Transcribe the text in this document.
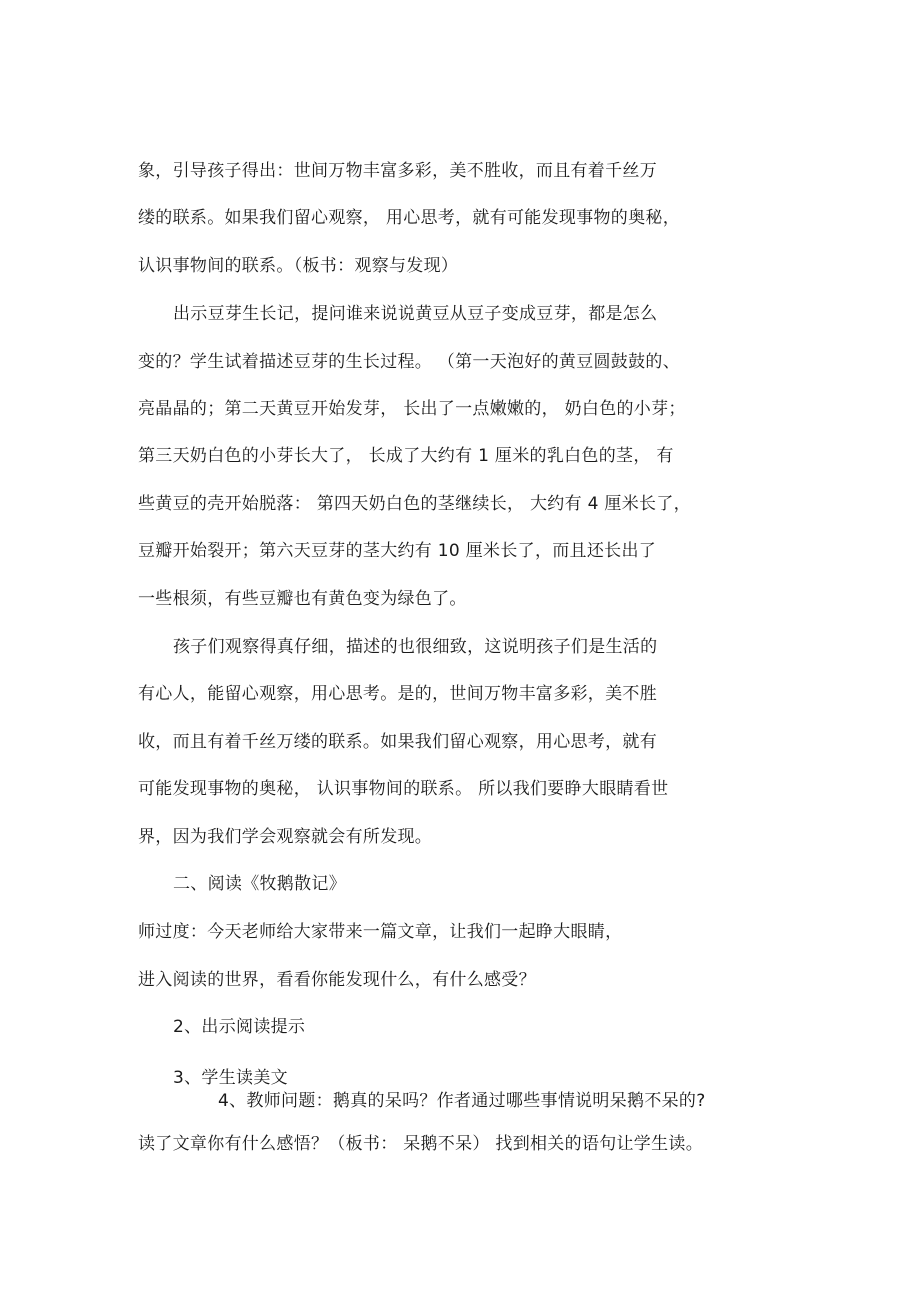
象，引导孩子得出：世间万物丰富多彩，美不胜收，而且有着千丝万
缕的联系。如果我们留心观察， 用心思考，就有可能发现事物的奥秘，
认识事物间的联系。（板书：观察与发现）
出示豆芽生长记，提问谁来说说黄豆从豆子变成豆芽，都是怎么
变的？学生试着描述豆芽的生长过程。 （第一天泡好的黄豆圆鼓鼓的、
亮晶晶的；第二天黄豆开始发芽， 长出了一点嫩嫩的， 奶白色的小芽；
第三天奶白色的小芽长大了， 长成了大约有 1 厘米的乳白色的茎， 有
些黄豆的壳开始脱落： 第四天奶白色的茎继续长， 大约有 4 厘米长了，
豆瓣开始裂开；第六天豆芽的茎大约有 10 厘米长了，而且还长出了
一些根须，有些豆瓣也有黄色变为绿色了。
孩子们观察得真仔细，描述的也很细致，这说明孩子们是生活的
有心人，能留心观察，用心思考。是的，世间万物丰富多彩，美不胜
收，而且有着千丝万缕的联系。如果我们留心观察，用心思考，就有
可能发现事物的奥秘， 认识事物间的联系。 所以我们要睁大眼睛看世
界，因为我们学会观察就会有所发现。
二、阅读《牧鹅散记》
师过度：今天老师给大家带来一篇文章，让我们一起睁大眼睛，
进入阅读的世界，看看你能发现什么，有什么感受？
2、出示阅读提示
3、学生读美文
4、教师问题：鹅真的呆吗？作者通过哪些事情说明呆鹅不呆的?
读了文章你有什么感悟？（板书： 呆鹅不呆） 找到相关的语句让学生读。
